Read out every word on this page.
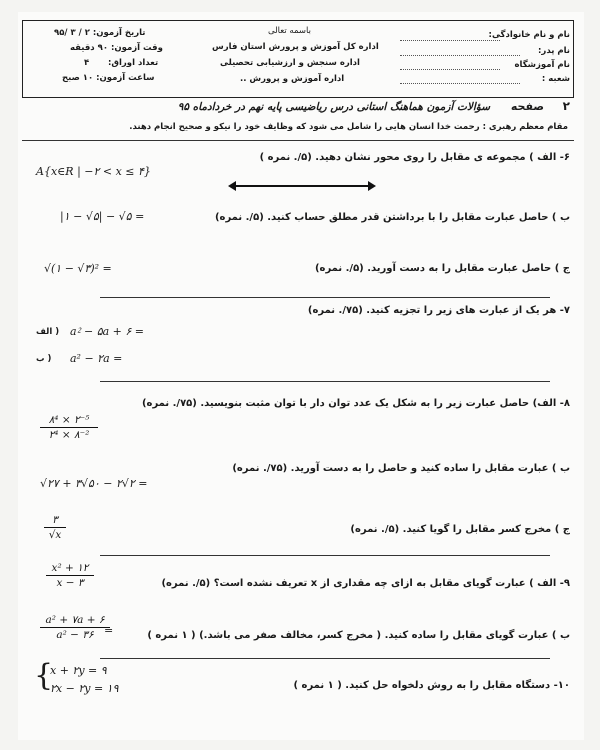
نام و نام خانوادگی:
نام پدر:
نام آموزشگاه
شعبه :
باسمه تعالی
اداره کل آموزش و پرورش استان فارس
اداره سنجش و ارزشیابی تحصیلی
اداره آموزش و پرورش ..
تاریخ آزمون: ۲ / ۳ /۹۵
وقت آزمون: ۹۰ دقیقه
تعداد اوراق:
۴
ساعت آزمون: ۱۰ صبح
صفحه ۲
سؤالات آزمون هماهنگ استانی درس ریاضیسی پایه نهم در خردادماه ۹۵
مقام معظم رهبری : رحمت خدا انسان هایی را شامل می شود که وظایف خود را نیکو و صحیح انجام دهند.
۶- الف ) مجموعه ی مقابل را روی محور نشان دهید. (۵/. نمره )
A{x∈R | −۲ < x ≤ ۴}
ب ) حاصل عبارت مقابل را با برداشتن قدر مطلق حساب کنید. (۵/. نمره)
|۱ − √۵| − √۵ =
ج ) حاصل عبارت مقابل را به دست آورید. (۵/. نمره)
√(۱ − √۳)² =
۷- هر یک از عبارت های زیر را تجزیه کنید. (۷۵/. نمره)
a⁲ − ۵a + ۶ =
الف )
a² − ۲a =
ب )
۸- الف) حاصل عبارت زیر را به شکل یک عدد توان دار با توان مثبت بنویسید. (۷۵/. نمره)
۸⁴ × ۲⁻⁵
۲⁴ × ۸⁻²
ب ) عبارت مقابل را ساده کنید و حاصل را به دست آورید. (۷۵/. نمره)
√۲۷ + ۳√۵۰ − ۲√۲ =
ج ) مخرج کسر مقابل را گویا کنید. (۵/. نمره)
۳
√x
۹- الف ) عبارت گویای مقابل به ازای چه مقداری از x تعریف نشده است؟ (۵/. نمره)
x² + ۱۲
x − ۳
ب ) عبارت گویای مقابل را ساده کنید. ( مخرج کسر، مخالف صفر می باشد.) ( ۱ نمره )
a² + ۷a + ۶
a² − ۳۶ =
۱۰- دستگاه مقابل را به روش دلخواه حل کنید. ( ۱ نمره )
{
x + ۲y = ۹
۲x − ۲y = ۱۹
